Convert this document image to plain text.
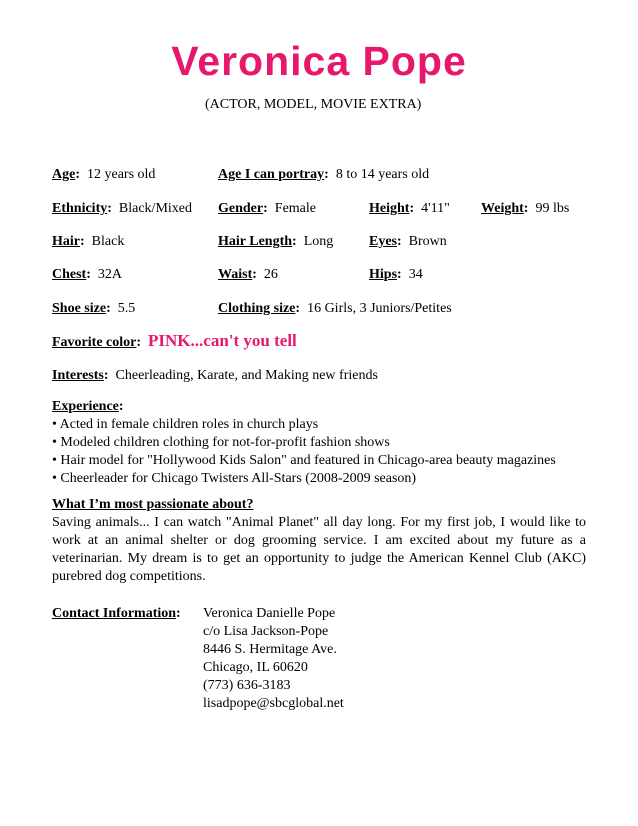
Veronica Pope
(ACTOR, MODEL, MOVIE EXTRA)
Age: 12 years old	Age I can portray: 8 to 14 years old
Ethnicity: Black/Mixed Gender: Female	Height: 4'11" Weight: 99 lbs
Hair: Black	Hair Length: Long	Eyes: Brown
Chest: 32A	Waist: 26	Hips: 34
Shoe size: 5.5	Clothing size: 16 Girls, 3 Juniors/Petites
Favorite color: PINK...can't you tell
Interests: Cheerleading, Karate, and Making new friends
Experience:
• Acted in female children roles in church plays
• Modeled children clothing for not-for-profit fashion shows
• Hair model for "Hollywood Kids Salon" and featured in Chicago-area beauty magazines
• Cheerleader for Chicago Twisters All-Stars (2008-2009 season)
What I’m most passionate about?
Saving animals... I can watch "Animal Planet" all day long. For my first job, I would like to work at an animal shelter or dog grooming service. I am excited about my future as a veterinarian. My dream is to get an opportunity to judge the American Kennel Club (AKC) purebred dog competitions.
Contact Information: Veronica Danielle Pope
c/o Lisa Jackson-Pope
8446 S. Hermitage Ave.
Chicago, IL 60620
(773) 636-3183
lisadpope@sbcglobal.net
